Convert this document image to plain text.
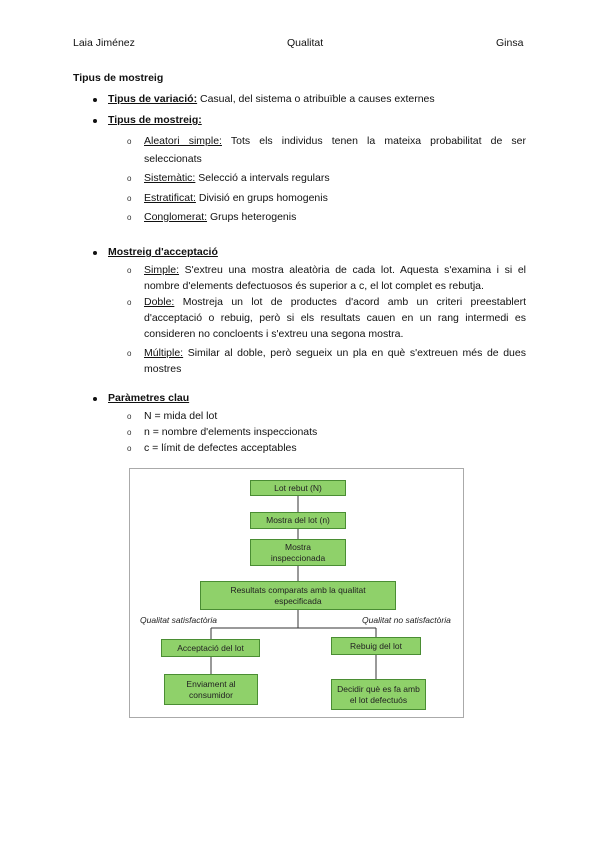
Laia Jiménez	Qualitat	Ginsa
Tipus de mostreig
Tipus de variació: Casual, del sistema o atribuïble a causes externes
Tipus de mostreig:
o Aleatori simple: Tots els individus tenen la mateixa probabilitat de ser
seleccionats
o Sistemàtic: Selecció a intervals regulars
o Estratificat: Divisió en grups homogenis
o Conglomerat: Grups heterogenis
Mostreig d'acceptació
o Simple: S'extreu una mostra aleatòria de cada lot. Aquesta s'examina i si el
nombre d'elements defectuosos és superior a c, el lot complet es rebutja.
o Doble: Mostreja un lot de productes d'acord amb un criteri preestablert
d'acceptació o rebuig, però si els resultats cauen en un rang intermedi es
consideren no concloents i s'extreu una segona mostra.
o Múltiple: Similar al doble, però segueix un pla en què s'extreuen més de dues
mostres
Paràmetres clau
o N = mida del lot
o n = nombre d'elements inspeccionats
o c = límit de defectes acceptables
Lot rebut (N)
Mostra del lot (n)
Mostra inspeccionada
Resultats comparats amb la qualitat especificada
Qualitat satisfactòria	Qualitat no satisfactòria
Acceptació del lot	Rebuig del lot
Enviament al consumidor
Decidir què es fa amb el lot defectuós
